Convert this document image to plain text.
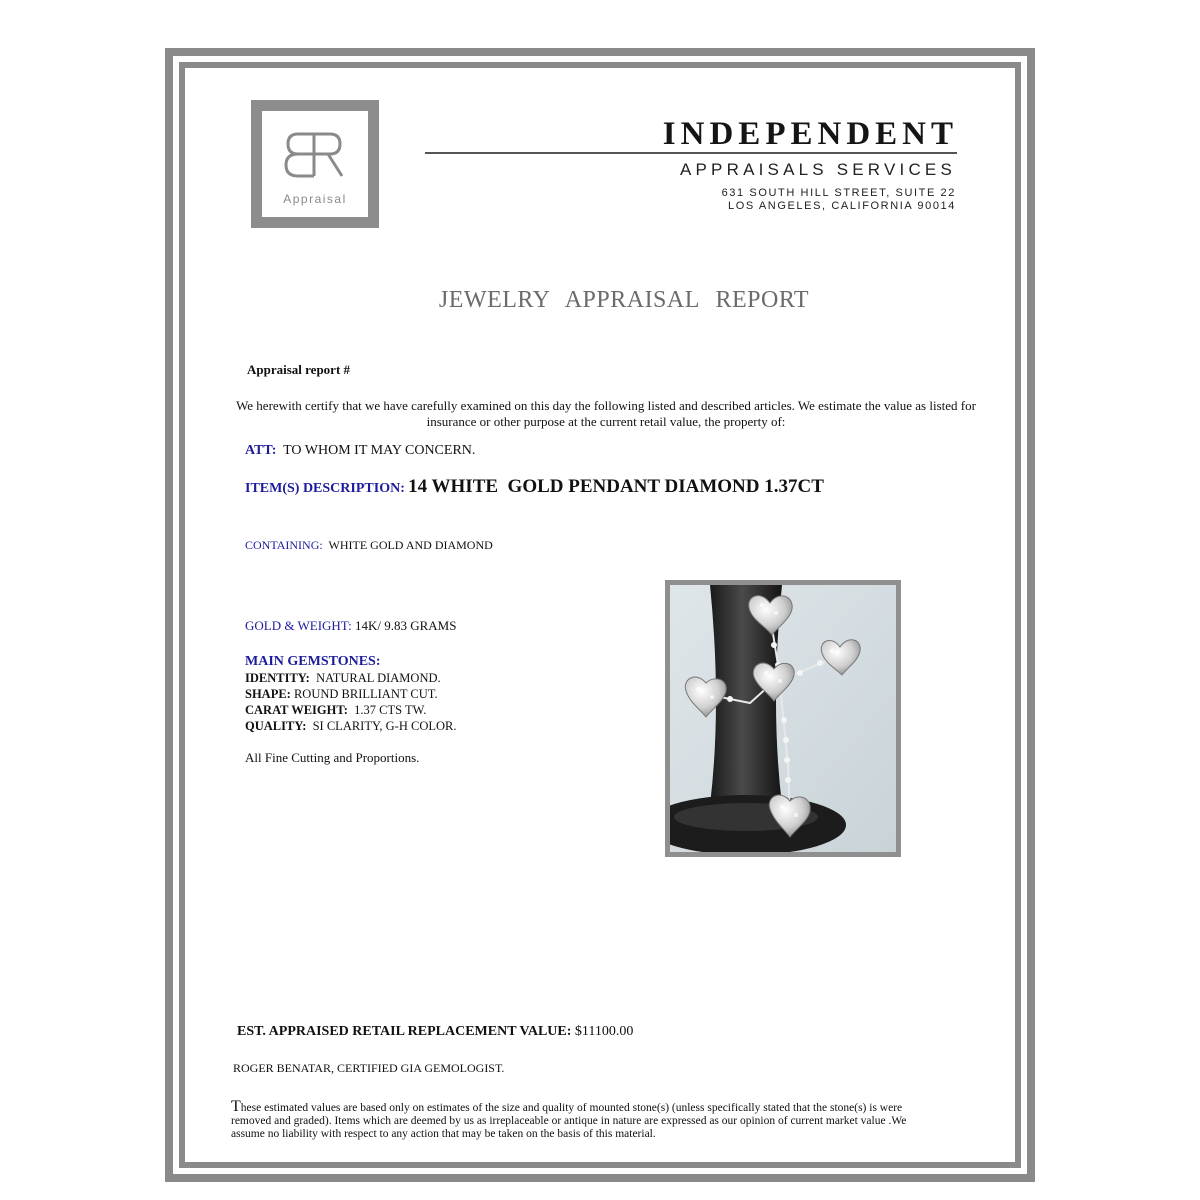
Appraisal
INDEPENDENT
APPRAISALS SERVICES
631 SOUTH HILL STREET, SUITE 22
LOS ANGELES, CALIFORNIA 90014
JEWELRY APPRAISAL REPORT
Appraisal report #
We herewith certify that we have carefully examined on this day the following listed and described articles. We estimate the value as listed for insurance or other purpose at the current retail value, the property of:
ATT: TO WHOM IT MAY CONCERN.
ITEM(S) DESCRIPTION: 14 WHITE  GOLD PENDANT DIAMOND 1.37CT
CONTAINING: WHITE GOLD AND DIAMOND
GOLD & WEIGHT: 14K/ 9.83 GRAMS
MAIN GEMSTONES:
IDENTITY: NATURAL DIAMOND.
SHAPE: ROUND BRILLIANT CUT.
CARAT WEIGHT: 1.37 CTS TW.
QUALITY: SI CLARITY, G-H COLOR.
All Fine Cutting and Proportions.
EST. APPRAISED RETAIL REPLACEMENT VALUE: $11100.00
ROGER BENATAR, CERTIFIED GIA GEMOLOGIST.
These estimated values are based only on estimates of the size and quality of mounted stone(s) (unless specifically stated that the stone(s) is were removed and graded). Items which are deemed by us as irreplaceable or antique in nature are expressed as our opinion of current market value .We assume no liability with respect to any action that may be taken on the basis of this material.
